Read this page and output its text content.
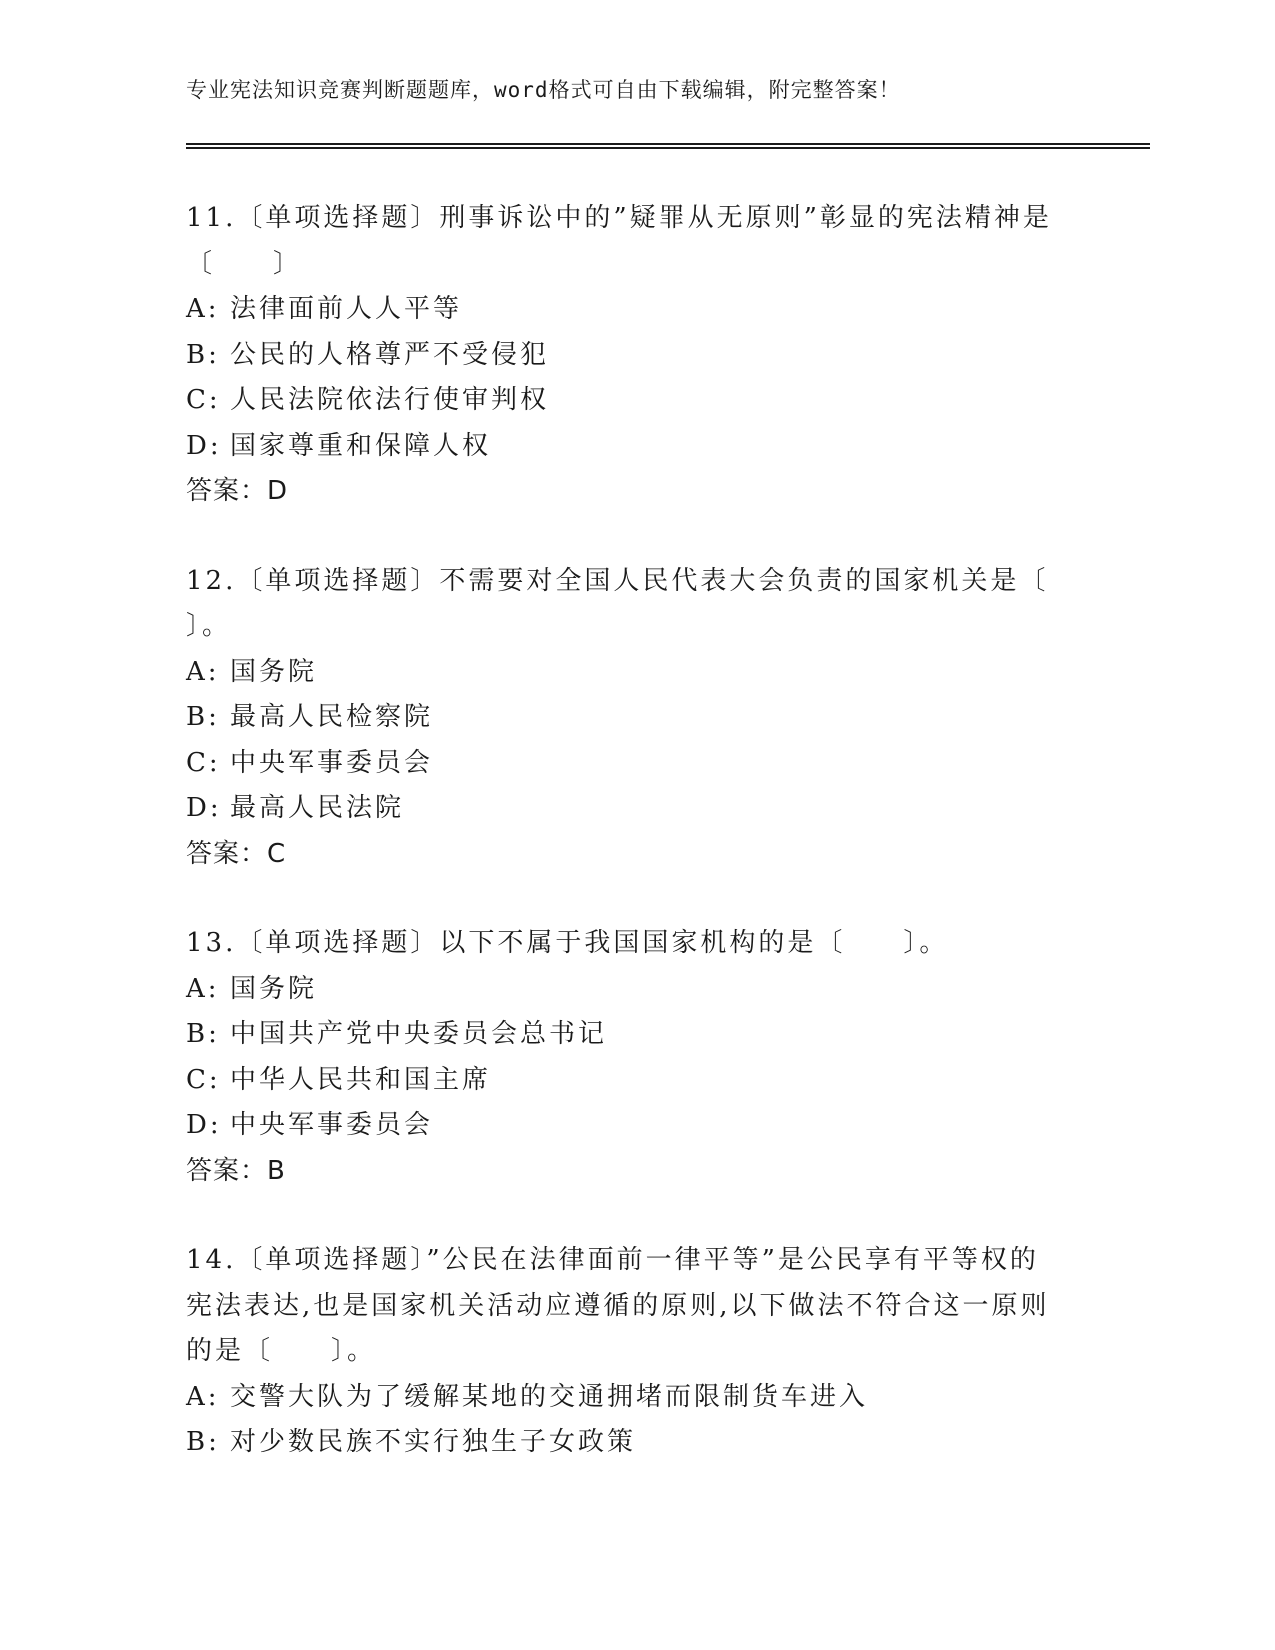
专业宪法知识竞赛判断题题库，word格式可自由下载编辑，附完整答案！
11.〔单项选择题〕刑事诉讼中的”疑罪从无原则”彰显的宪法精神是
〔　　〕
A: 法律面前人人平等
B: 公民的人格尊严不受侵犯
C: 人民法院依法行使审判权
D: 国家尊重和保障人权
答案：D
12.〔单项选择题〕不需要对全国人民代表大会负责的国家机关是〔
〕。
A: 国务院
B: 最高人民检察院
C: 中央军事委员会
D: 最高人民法院
答案：C
13.〔单项选择题〕以下不属于我国国家机构的是〔　　〕。
A: 国务院
B: 中国共产党中央委员会总书记
C: 中华人民共和国主席
D: 中央军事委员会
答案：B
14.〔单项选择题〕”公民在法律面前一律平等”是公民享有平等权的
宪法表达,也是国家机关活动应遵循的原则,以下做法不符合这一原则
的是〔　　〕。
A: 交警大队为了缓解某地的交通拥堵而限制货车进入
B: 对少数民族不实行独生子女政策
